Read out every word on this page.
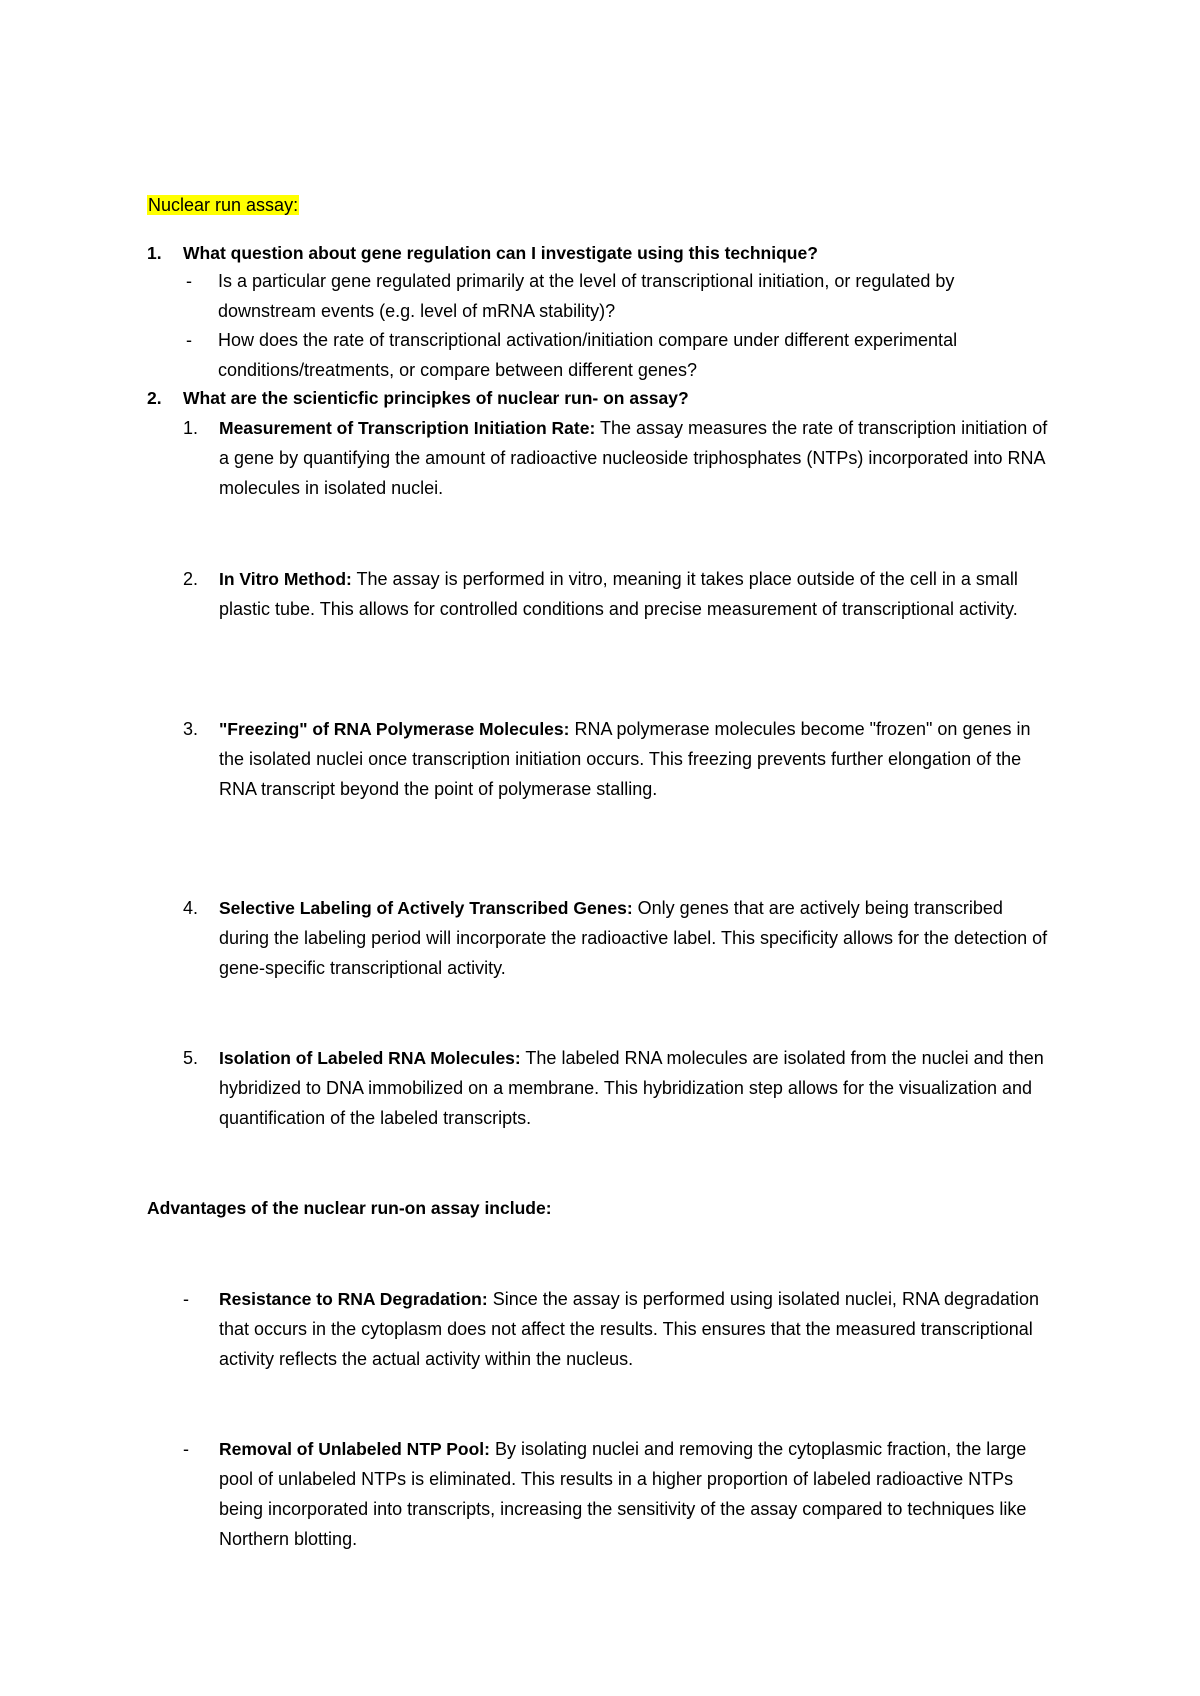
Nuclear run assay:
1. What question about gene regulation can I investigate using this technique?
- Is a particular gene regulated primarily at the level of transcriptional initiation, or regulated by downstream events (e.g. level of mRNA stability)?
- How does the rate of transcriptional activation/initiation compare under different experimental conditions/treatments, or compare between different genes?
2. What are the scienticfic principkes of nuclear run- on assay?
1. Measurement of Transcription Initiation Rate: The assay measures the rate of transcription initiation of a gene by quantifying the amount of radioactive nucleoside triphosphates (NTPs) incorporated into RNA molecules in isolated nuclei.
2. In Vitro Method: The assay is performed in vitro, meaning it takes place outside of the cell in a small plastic tube. This allows for controlled conditions and precise measurement of transcriptional activity.
3. "Freezing" of RNA Polymerase Molecules: RNA polymerase molecules become "frozen" on genes in the isolated nuclei once transcription initiation occurs. This freezing prevents further elongation of the RNA transcript beyond the point of polymerase stalling.
4. Selective Labeling of Actively Transcribed Genes: Only genes that are actively being transcribed during the labeling period will incorporate the radioactive label. This specificity allows for the detection of gene-specific transcriptional activity.
5. Isolation of Labeled RNA Molecules: The labeled RNA molecules are isolated from the nuclei and then hybridized to DNA immobilized on a membrane. This hybridization step allows for the visualization and quantification of the labeled transcripts.
Advantages of the nuclear run-on assay include:
- Resistance to RNA Degradation: Since the assay is performed using isolated nuclei, RNA degradation that occurs in the cytoplasm does not affect the results. This ensures that the measured transcriptional activity reflects the actual activity within the nucleus.
- Removal of Unlabeled NTP Pool: By isolating nuclei and removing the cytoplasmic fraction, the large pool of unlabeled NTPs is eliminated. This results in a higher proportion of labeled radioactive NTPs being incorporated into transcripts, increasing the sensitivity of the assay compared to techniques like Northern blotting.
